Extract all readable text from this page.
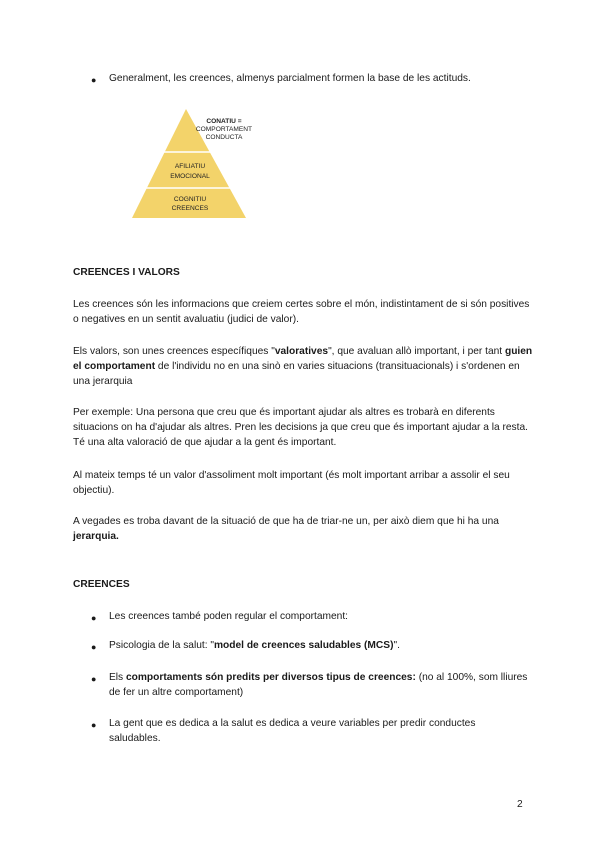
● Generalment, les creences, almenys parcialment formen la base de les actituds.
CONATIU =
COMPORTAMENT
CONDUCTA
AFILIATIU
EMOCIONAL
COGNITIU
CREENCES
CREENCES I VALORS
Les creences són les informacions que creiem certes sobre el món, indistintament de si són positives o negatives en un sentit avaluatiu (judici de valor).
Els valors, son unes creences específiques "valoratives", que avaluan allò important, i per tant guien el comportament de l'individu no en una sinò en varies situacions (transituacionals) i s'ordenen en una jerarquia
Per exemple: Una persona que creu que és important ajudar als altres es trobarà en diferents situacions on ha d'ajudar als altres. Pren les decisions ja que creu que és important ajudar a la resta. Té una alta valoració de que ajudar a la gent és important.
Al mateix temps té un valor d'assoliment molt important (és molt important arribar a assolir el seu objectiu).
A vegades es troba davant de la situació de que ha de triar-ne un, per això diem que hi ha una jerarquia.
CREENCES
● Les creences també poden regular el comportament:
● Psicologia de la salut: "model de creences saludables (MCS)".
● Els comportaments són predits per diversos tipus de creences: (no al 100%, som lliures de fer un altre comportament)
● La gent que es dedica a la salut es dedica a veure variables per predir conductes saludables.
2
